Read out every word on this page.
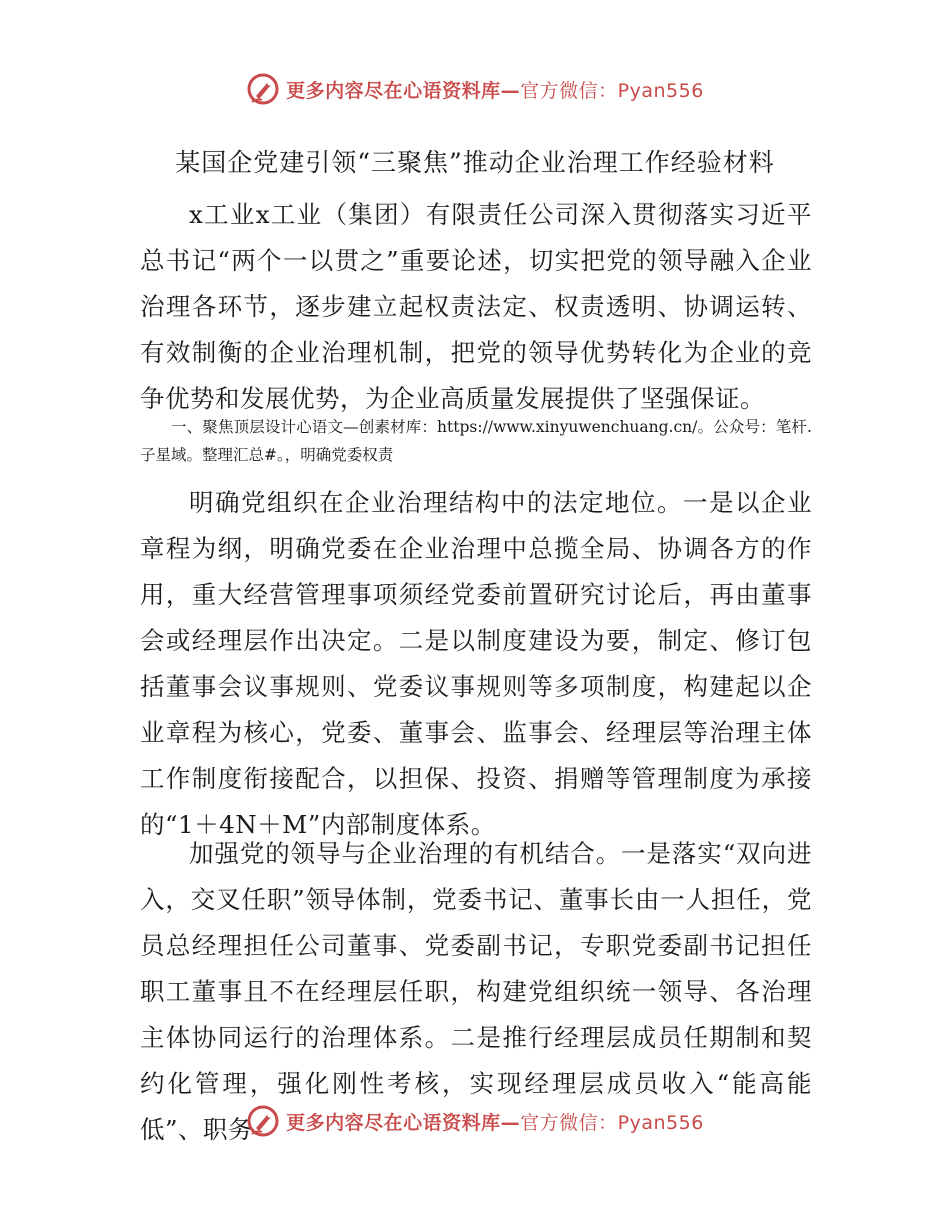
更多内容尽在心语资料库—官方微信：Pyan556
某国企党建引领“三聚焦”推动企业治理工作经验材料

x工业x工业（集团）有限责任公司深入贯彻落实习近平总书记“两个一以贯之”重要论述，切实把党的领导融入企业治理各环节，逐步建立起权责法定、权责透明、协调运转、有效制衡的企业治理机制，把党的领导优势转化为企业的竞争优势和发展优势，为企业高质量发展提供了坚强保证。

一、聚焦顶层设计心语文—创素材库：https://www.xinyuwenchuang.cn/。公众号：笔杆.子星域。整理汇总#。，明确党委权责

明确党组织在企业治理结构中的法定地位。一是以企业章程为纲，明确党委在企业治理中总揽全局、协调各方的作用，重大经营管理事项须经党委前置研究讨论后，再由董事会或经理层作出决定。二是以制度建设为要，制定、修订包括董事会议事规则、党委议事规则等多项制度，构建起以企业章程为核心，党委、董事会、监事会、经理层等治理主体工作制度衔接配合，以担保、投资、捐赠等管理制度为承接的“1＋4N＋M”内部制度体系。

加强党的领导与企业治理的有机结合。一是落实“双向进入，交叉任职”领导体制，党委书记、董事长由一人担任，党员总经理担任公司董事、党委副书记，专职党委副书记担任职工董事且不在经理层任职，构建党组织统一领导、各治理主体协同运行的治理体系。二是推行经理层成员任期制和契约化管理，强化刚性考核，实现经理层成员收入“能高能低”、职务	更多内容尽在心语资料库—官方微信：Pyan556
